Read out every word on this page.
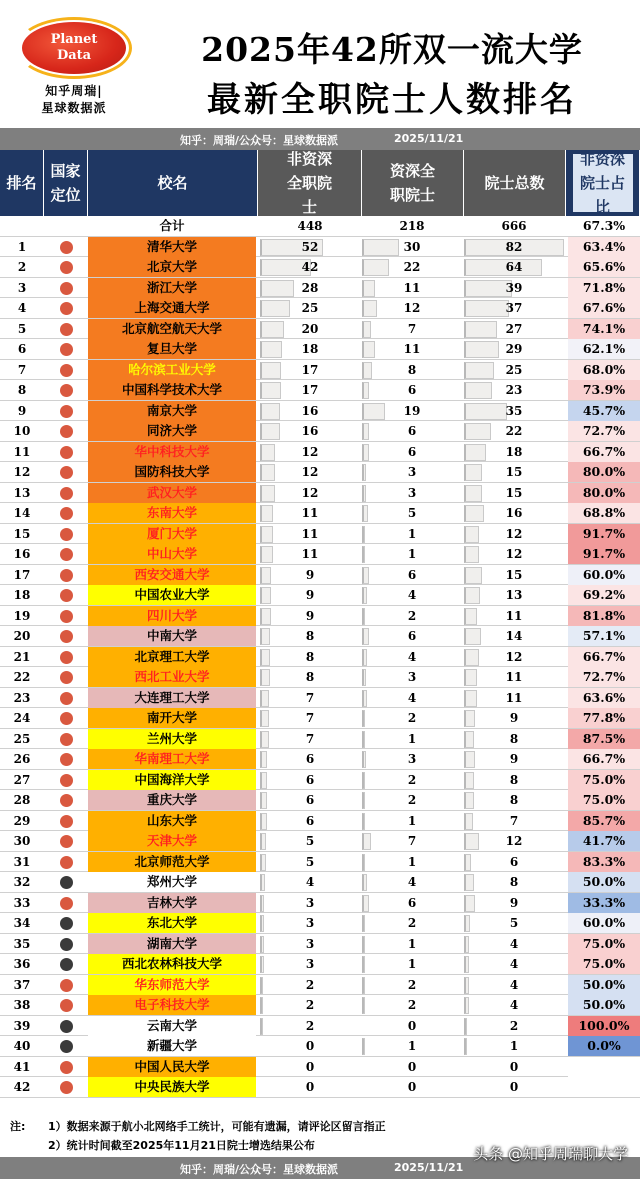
Planet
Data
知乎周瑞|
星球数据派
2025年42所双一流大学
最新全职院士人数排名
知乎：周瑞/公众号：星球数据派	2025/11/21
排名
国家定位
校名
非资深全职院士
资深全职院士
院士总数
非资深院士占比
合计	448	218	666	67.3%
1	清华大学	52	30	82	63.4%
2	北京大学	42	22	64	65.6%
3	浙江大学	28	11	39	71.8%
4	上海交通大学	25	12	37	67.6%
5	北京航空航天大学	20	7	27	74.1%
6	复旦大学	18	11	29	62.1%
7	哈尔滨工业大学	17	8	25	68.0%
8	中国科学技术大学	17	6	23	73.9%
9	南京大学	16	19	35	45.7%
10	同济大学	16	6	22	72.7%
11	华中科技大学	12	6	18	66.7%
12	国防科技大学	12	3	15	80.0%
13	武汉大学	12	3	15	80.0%
14	东南大学	11	5	16	68.8%
15	厦门大学	11	1	12	91.7%
16	中山大学	11	1	12	91.7%
17	西安交通大学	9	6	15	60.0%
18	中国农业大学	9	4	13	69.2%
19	四川大学	9	2	11	81.8%
20	中南大学	8	6	14	57.1%
21	北京理工大学	8	4	12	66.7%
22	西北工业大学	8	3	11	72.7%
23	大连理工大学	7	4	11	63.6%
24	南开大学	7	2	9	77.8%
25	兰州大学	7	1	8	87.5%
26	华南理工大学	6	3	9	66.7%
27	中国海洋大学	6	2	8	75.0%
28	重庆大学	6	2	8	75.0%
29	山东大学	6	1	7	85.7%
30	天津大学	5	7	12	41.7%
31	北京师范大学	5	1	6	83.3%
32	郑州大学	4	4	8	50.0%
33	吉林大学	3	6	9	33.3%
34	东北大学	3	2	5	60.0%
35	湖南大学	3	1	4	75.0%
36	西北农林科技大学	3	1	4	75.0%
37	华东师范大学	2	2	4	50.0%
38	电子科技大学	2	2	4	50.0%
39	云南大学	2	0	2	100.0%
40	新疆大学	0	1	1	0.0%
41	中国人民大学	0	0	0
42	中央民族大学	0	0	0
注: 1）数据来源于航小北网络手工统计，可能有遗漏，请评论区留言指正
2）统计时间截至2025年11月21日院士增选结果公布
知乎：周瑞/公众号：星球数据派	2025/11/21
头条 @知乎周瑞聊大学
